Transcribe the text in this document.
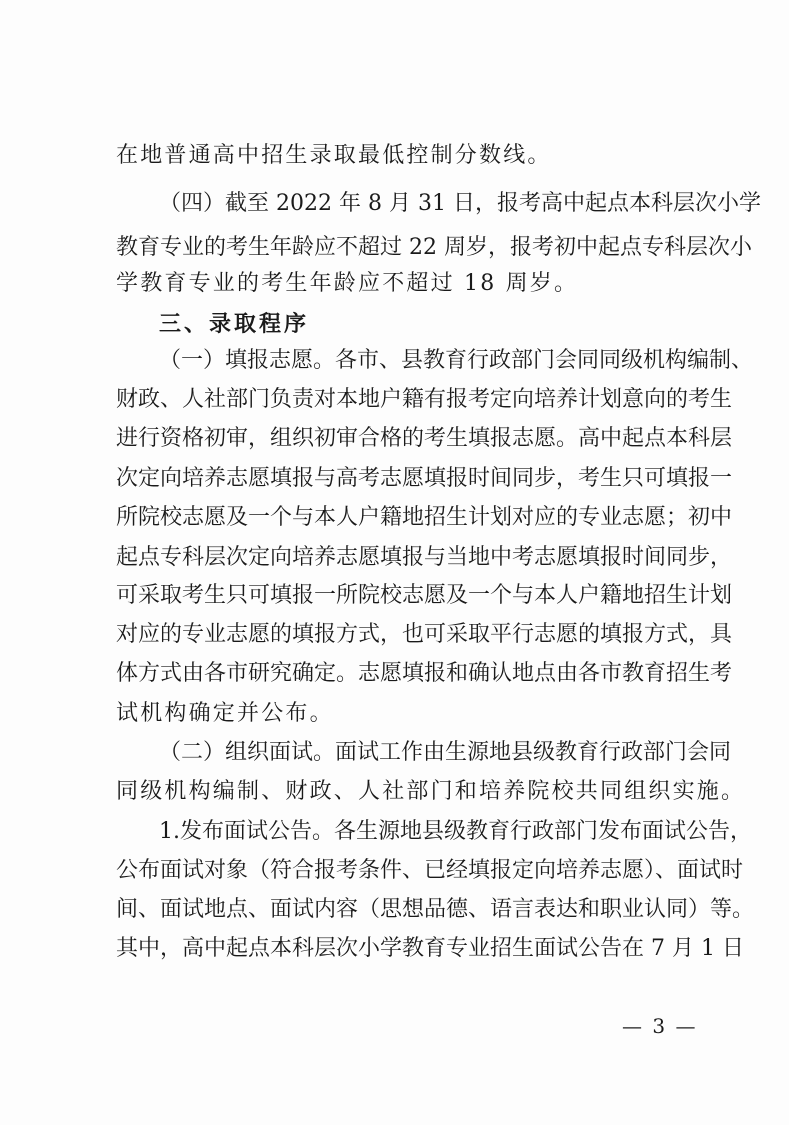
在地普通高中招生录取最低控制分数线。
（四）截至 2022 年 8 月 31 日，报考高中起点本科层次小学
教育专业的考生年龄应不超过 22 周岁，报考初中起点专科层次小
学教育专业的考生年龄应不超过 18 周岁。
三、录取程序
（一）填报志愿。各市、县教育行政部门会同同级机构编制、
财政、人社部门负责对本地户籍有报考定向培养计划意向的考生
进行资格初审，组织初审合格的考生填报志愿。高中起点本科层
次定向培养志愿填报与高考志愿填报时间同步，考生只可填报一
所院校志愿及一个与本人户籍地招生计划对应的专业志愿；初中
起点专科层次定向培养志愿填报与当地中考志愿填报时间同步，
可采取考生只可填报一所院校志愿及一个与本人户籍地招生计划
对应的专业志愿的填报方式，也可采取平行志愿的填报方式，具
体方式由各市研究确定。志愿填报和确认地点由各市教育招生考
试机构确定并公布。
（二）组织面试。面试工作由生源地县级教育行政部门会同
同级机构编制、财政、人社部门和培养院校共同组织实施。
1.发布面试公告。各生源地县级教育行政部门发布面试公告，
公布面试对象（符合报考条件、已经填报定向培养志愿）、面试时
间、面试地点、面试内容（思想品德、语言表达和职业认同）等。
其中，高中起点本科层次小学教育专业招生面试公告在 7 月 1 日
— 3 —
